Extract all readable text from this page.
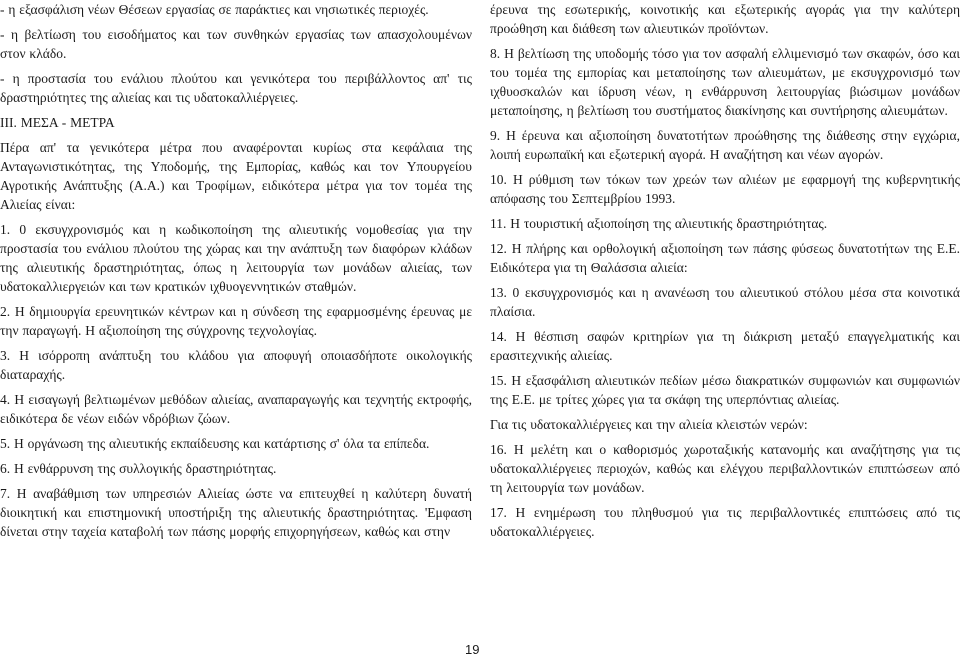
- η εξασφάλιση νέων Θέσεων εργασίας σε παράκτιες και νησιωτικές περιοχές.

- η βελτίωση του εισοδήματος και των συνθηκών εργασίας των απασχολουμένων στον κλάδο.

- η προστασία του ενάλιου πλούτου και γενικότερα του περιβάλλοντος απ' τις δραστηριότητες της αλιείας και τις υδατοκαλλιέργειες.

ΙΙΙ. ΜΕΣΑ - ΜΕΤΡΑ

Πέρα απ' τα γενικότερα μέτρα που αναφέρονται κυρίως στα κεφάλαια της Ανταγωνιστικότητας, της Υποδομής, της Εμπορίας, καθώς και τον Υπουργείου Αγροτικής Ανάπτυξης (Α.Α.) και Τροφίμων, ειδικότερα μέτρα για τον τομέα της Αλιείας είναι:

1. 0 εκσυγχρονισμός και η κωδικοποίηση της αλιευτικής νομοθεσίας για την προστασία του ενάλιου πλούτου της χώρας και την ανάπτυξη των διαφόρων κλάδων της αλιευτικής δραστηριότητας, όπως η λειτουργία των μονάδων αλιείας, των υδατοκαλλιεργειών και των κρατικών ιχθυογεννητικών σταθμών.

2. Η δημιουργία ερευνητικών κέντρων και η σύνδεση της εφαρμοσμένης έρευνας με την παραγωγή. Η αξιοποίηση της σύγχρονης τεχνολογίας.

3. Η ισόρροπη ανάπτυξη του κλάδου για αποφυγή οποιασδήποτε οικολογικής διαταραχής.

4. Η εισαγωγή βελτιωμένων μεθόδων αλιείας, αναπαραγωγής και τεχνητής εκτροφής, ειδικότερα δε νέων ειδών νδρόβιων ζώων.

5. Η οργάνωση της αλιευτικής εκπαίδευσης και κατάρτισης σ' όλα τα επίπεδα.

6. Η ενθάρρυνση της συλλογικής δραστηριότητας.

7. Η αναβάθμιση των υπηρεσιών Αλιείας ώστε να επιτευχθεί η καλύτερη δυνατή διοικητική και επιστημονική υποστήριξη της αλιευτικής δραστηριότητας. 'Εμφαση δίνεται στην ταχεία καταβολή των πάσης μορφής επιχορηγήσεων, καθώς και στην

έρευνα της εσωτερικής, κοινοτικής και εξωτερικής αγοράς για την καλύτερη προώθηση και διάθεση των αλιευτικών προϊόντων.

8. Η βελτίωση της υποδομής τόσο για τον ασφαλή ελλιμενισμό των σκαφών, όσο και του τομέα της εμπορίας και μεταποίησης των αλιευμάτων, με εκσυγχρονισμό των ιχθυοσκαλών και ίδρυση νέων, η ενθάρρυνση λειτουργίας βιώσιμων μονάδων μεταποίησης, η βελτίωση του συστήματος διακίνησης και συντήρησης αλιευμάτων.

9. Η έρευνα και αξιοποίηση δυνατοτήτων προώθησης της διάθεσης στην εγχώρια, λοιπή ευρωπαϊκή και εξωτερική αγορά. Η αναζήτηση και νέων αγορών.

10. Η ρύθμιση των τόκων των χρεών των αλιέων με εφαρμογή της κυβερνητικής απόφασης του Σεπτεμβρίου 1993.

11. Η τουριστική αξιοποίηση της αλιευτικής δραστηριότητας.

12. Η πλήρης και ορθολογική αξιοποίηση των πάσης φύσεως δυνατοτήτων της Ε.Ε. Ειδικότερα για τη Θαλάσσια αλιεία:

13. 0 εκσυγχρονισμός και η ανανέωση του αλιευτικού στόλου μέσα στα κοινοτικά πλαίσια.

14. Η θέσπιση σαφών κριτηρίων για τη διάκριση μεταξύ επαγγελματικής και ερασιτεχνικής αλιείας.

15. Η εξασφάλιση αλιευτικών πεδίων μέσω διακρατικών συμφωνιών και συμφωνιών της Ε.Ε. με τρίτες χώρες για τα σκάφη της υπερπόντιας αλιείας.

Για τις υδατοκαλλιέργειες και την αλιεία κλειστών νερών:

16. Η μελέτη και ο καθορισμός χωροταξικής κατανομής και αναζήτησης για τις υδατοκαλλιέργειες περιοχών, καθώς και ελέγχου περιβαλλοντικών επιπτώσεων από τη λειτουργία των μονάδων.

17. Η ενημέρωση του πληθυσμού για τις περιβαλλοντικές επιπτώσεις από τις υδατοκαλλιέργειες.

19
